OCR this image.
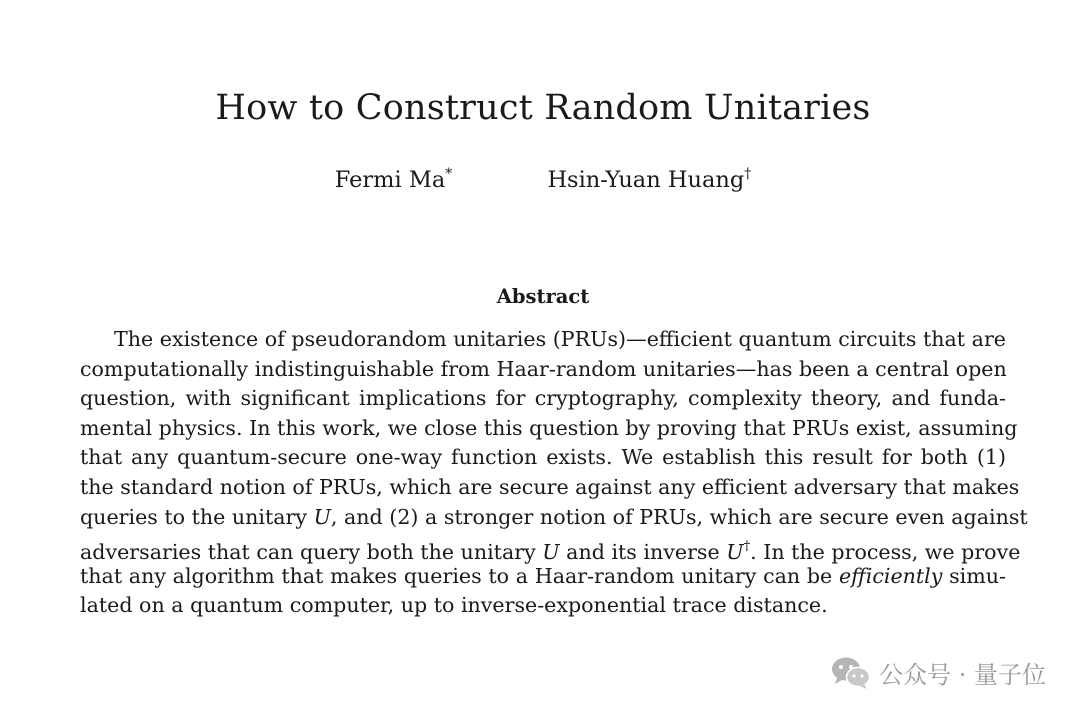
How to Construct Random Unitaries
Fermi Ma*	Hsin-Yuan Huang†
Abstract
The existence of pseudorandom unitaries (PRUs)—efficient quantum circuits that are
computationally indistinguishable from Haar-random unitaries—has been a central open
question, with significant implications for cryptography, complexity theory, and funda-
mental physics. In this work, we close this question by proving that PRUs exist, assuming
that any quantum-secure one-way function exists. We establish this result for both (1)
the standard notion of PRUs, which are secure against any efficient adversary that makes
queries to the unitary U, and (2) a stronger notion of PRUs, which are secure even against
adversaries that can query both the unitary U and its inverse U†. In the process, we prove
that any algorithm that makes queries to a Haar-random unitary can be efficiently simu-
lated on a quantum computer, up to inverse-exponential trace distance.
公众号 · 量子位
